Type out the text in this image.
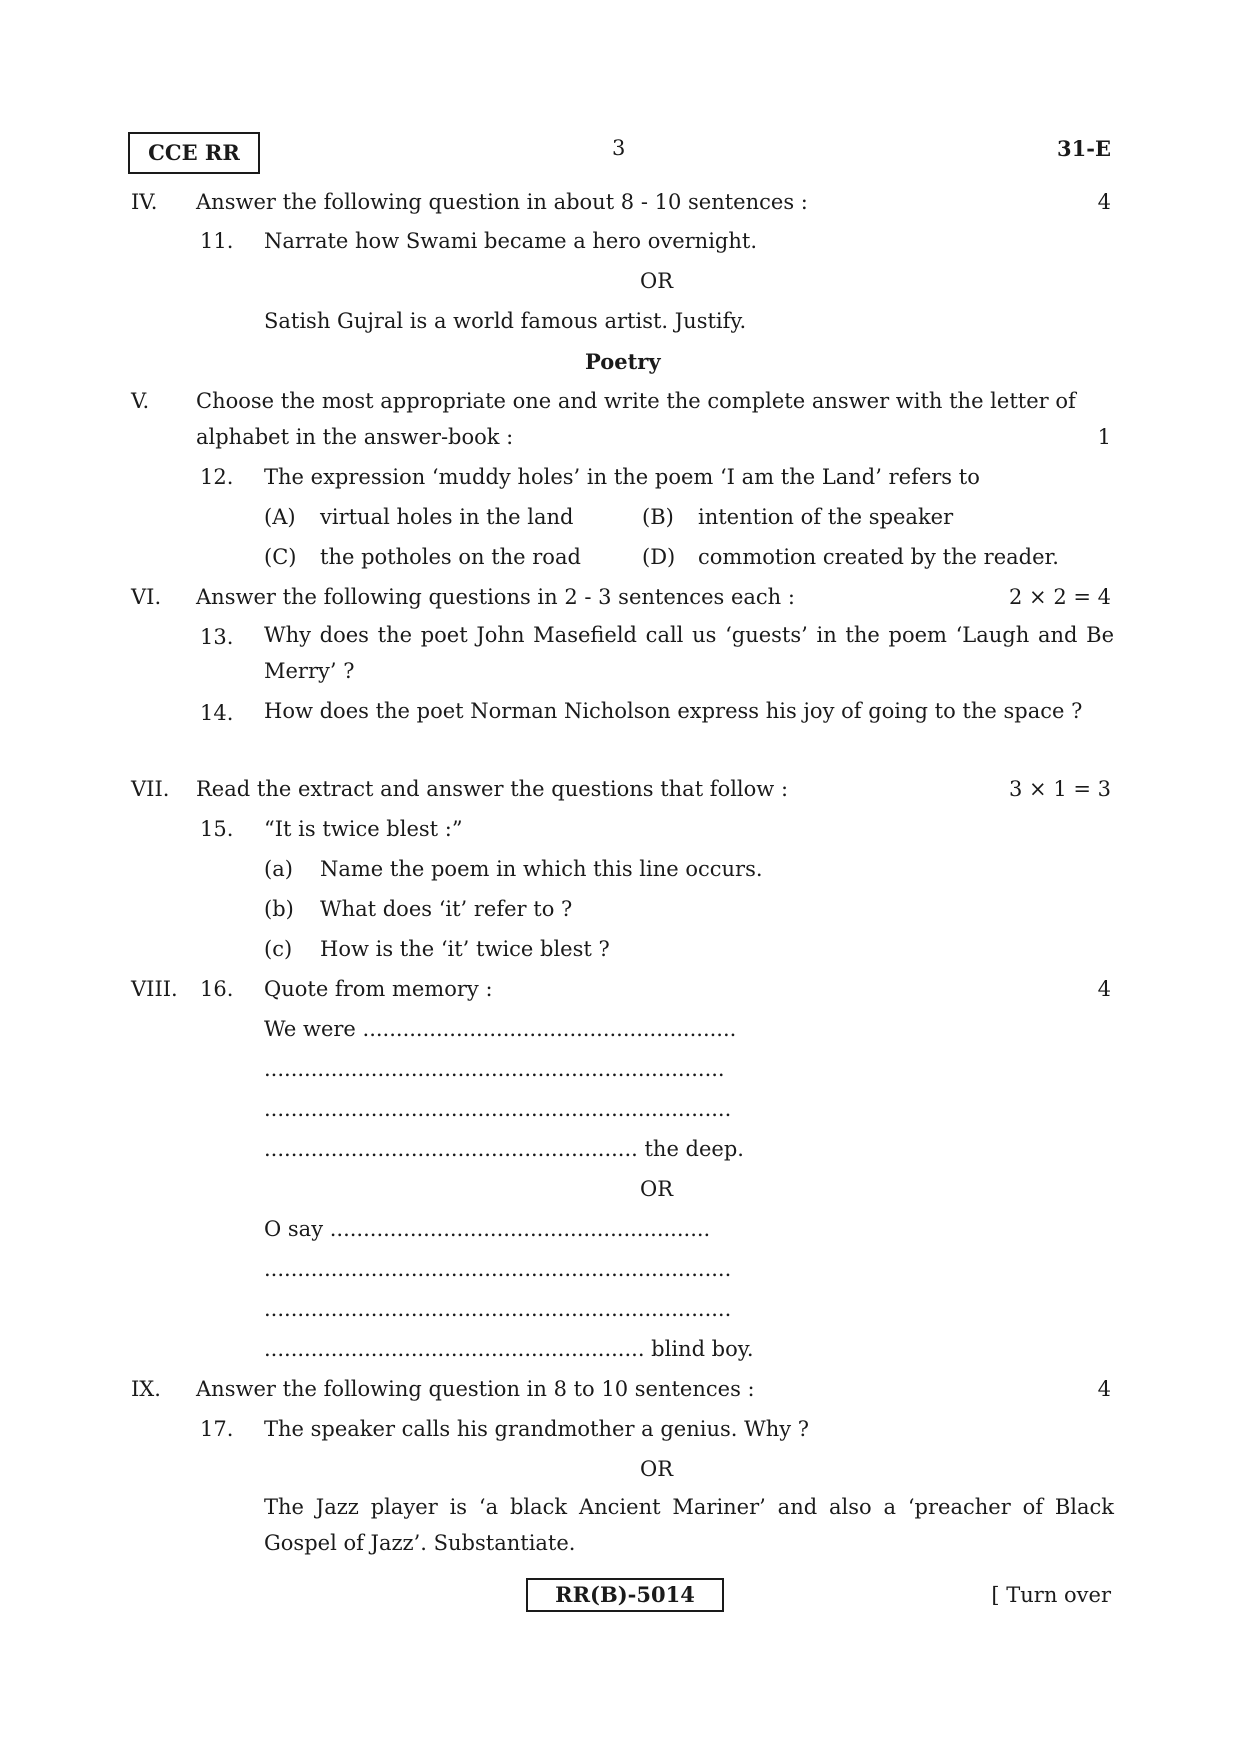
CCE RR	3	31-E
IV. Answer the following question in about 8 - 10 sentences :	4
11. Narrate how Swami became a hero overnight.
OR
Satish Gujral is a world famous artist. Justify.
Poetry
V. Choose the most appropriate one and write the complete answer with the letter of
alphabet in the answer-book :	1
12. The expression ‘muddy holes’ in the poem ‘I am the Land’ refers to
(A) virtual holes in the land	(B) intention of the speaker
(C) the potholes on the road	(D) commotion created by the reader.
VI. Answer the following questions in 2 - 3 sentences each :	2 × 2 = 4
13. Why does the poet John Masefield call us ‘guests’ in the poem ‘Laugh and Be Merry’ ?
14. How does the poet Norman Nicholson express his joy of going to the space ?
VII. Read the extract and answer the questions that follow :	3 × 1 = 3
15. “It is twice blest :”
(a) Name the poem in which this line occurs.
(b) What does ‘it’ refer to ?
(c) How is the ‘it’ twice blest ?
VIII. 16. Quote from memory :	4
We were ........................................................
.....................................................................
......................................................................
........................................................ the deep.
OR
O say .........................................................
......................................................................
......................................................................
......................................................... blind boy.
IX. Answer the following question in 8 to 10 sentences :	4
17. The speaker calls his grandmother a genius. Why ?
OR
The Jazz player is ‘a black Ancient Mariner’ and also a ‘preacher of Black Gospel of Jazz’. Substantiate.
RR(B)-5014	[ Turn over
